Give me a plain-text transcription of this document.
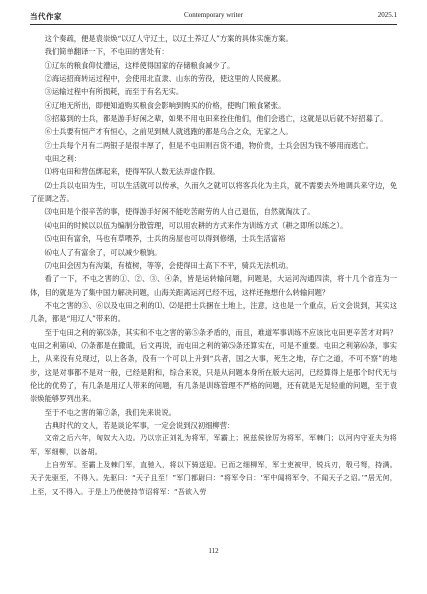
当代作家	Contemporary writer	2025.1

这个奏疏，便是袁崇焕“以辽人守辽土，以辽土养辽人”方案的具体实施方案。

我们简单翻译一下，不屯田的害处有：

①辽东的粮食仰仗漕运，这样使得国家的存储粮食减少了。

②海运招商转运过程中，会使用北直隶、山东的劳役，使这里的人民疲累。

③运输过程中有所损耗，而至于有名无实。

④辽地无所出，即便知道购买粮食会影响到购买的价格，使购门粮食紧张。

⑤招募到的士兵，都是游手好闲之辈，如果不用屯田来拴住他们，他们会逃亡，这就是以后就不好招募了。

⑥士兵要有恒产才有恒心，之前见到贼人就逃跑的都是乌合之众，无家之人。

⑦士兵每个月有二两银子是很丰厚了，但是不屯田则百货不通，物价贵，士兵会因为钱不够用而逃亡。

屯田之利：

⑴将屯田和营伍绑起来，使得军队人数无法弄虚作假。

⑵士兵以屯田为生，可以生活就可以传承，久而久之就可以将客兵化为主兵，就不需要去外地调兵来守边，免了征调之苦。

⑶屯田是个很辛苦的事，使得游手好闲不能吃苦耐劳的人自己退伍，自然就淘汰了。

⑷屯田的时候以以伍为编制分散管理，可以用农耕的方式来作为训练方式（耕之即所以练之）。

⑸屯田有富余，马也有草喂养，士兵的房屋也可以得到修缮，士兵生活富裕

⑹屯人了有富余了，可以减少粮饷。

⑺屯田会因为有沟渠，有植树，等等，会使得田土高下不平，骑兵无法机动。

看了一下，不屯之害的①、②、③、④条，皆是运转输问题，问题是，大运河沟通四渎，将十几个省连为一体，目的就是为了集中国力解决问题，山海关距离运河已经不远，这样还拖想什么转输问题？

不屯之害的⑤、⑥以及屯田之利的⑴、⑵是把士兵捆在土地上，注意，这也是一个重点，后文会说到，其实这几条，都是“用辽人”带来的。

至于屯田之利的第⑶条，其实和不屯之害的第⑤条矛盾的，而且，难道军事训练不应该比屯田更辛苦才对吗？屯田之利第⑷、⑺条都是在撒谎，后文再说，而屯田之利的第⑸条还算实在，可是不重要。屯田之利第⑹条，事实上，从来没有兑现过，以上各条，没有一个可以上升到“兵者，国之大事，死生之地，存亡之道，不可不察”的地步，这是对事都不是对一般，已经是附和，综合来说，只是从问题本身所在版大运河，已经算得上是那个时代无与伦比的优势了，有几条是用辽人带来的问题，有几条是训练管理不严格的问题，还有就是无足轻重的问题，至于袁崇焕能够罗列出来。

至于不屯之害的第⑦条，我们先来说说。

古典时代的文人，若是谈论军事，一定会说到汉初细柳营：

文帝之后六年，匈奴大入边。乃以宗正刘礼为将军，军霸上；祝兹侯徐厉为将军，军棘门；以河内守亚夫为将军，军细柳，以备胡。

上自劳军。至霸上及棘门军，直驰入，将以下骑送迎。已而之细柳军，军士吏被甲，锐兵刃，彀弓弩，持满。天子先驱至，不得入。先驱曰：“天子且至！”军门都尉曰：“将军令曰：‘军中闻将军令，不闻天子之诏。’”居无何，上至，又不得入。于是上乃使使持节诏将军：“吾欲入劳

112
